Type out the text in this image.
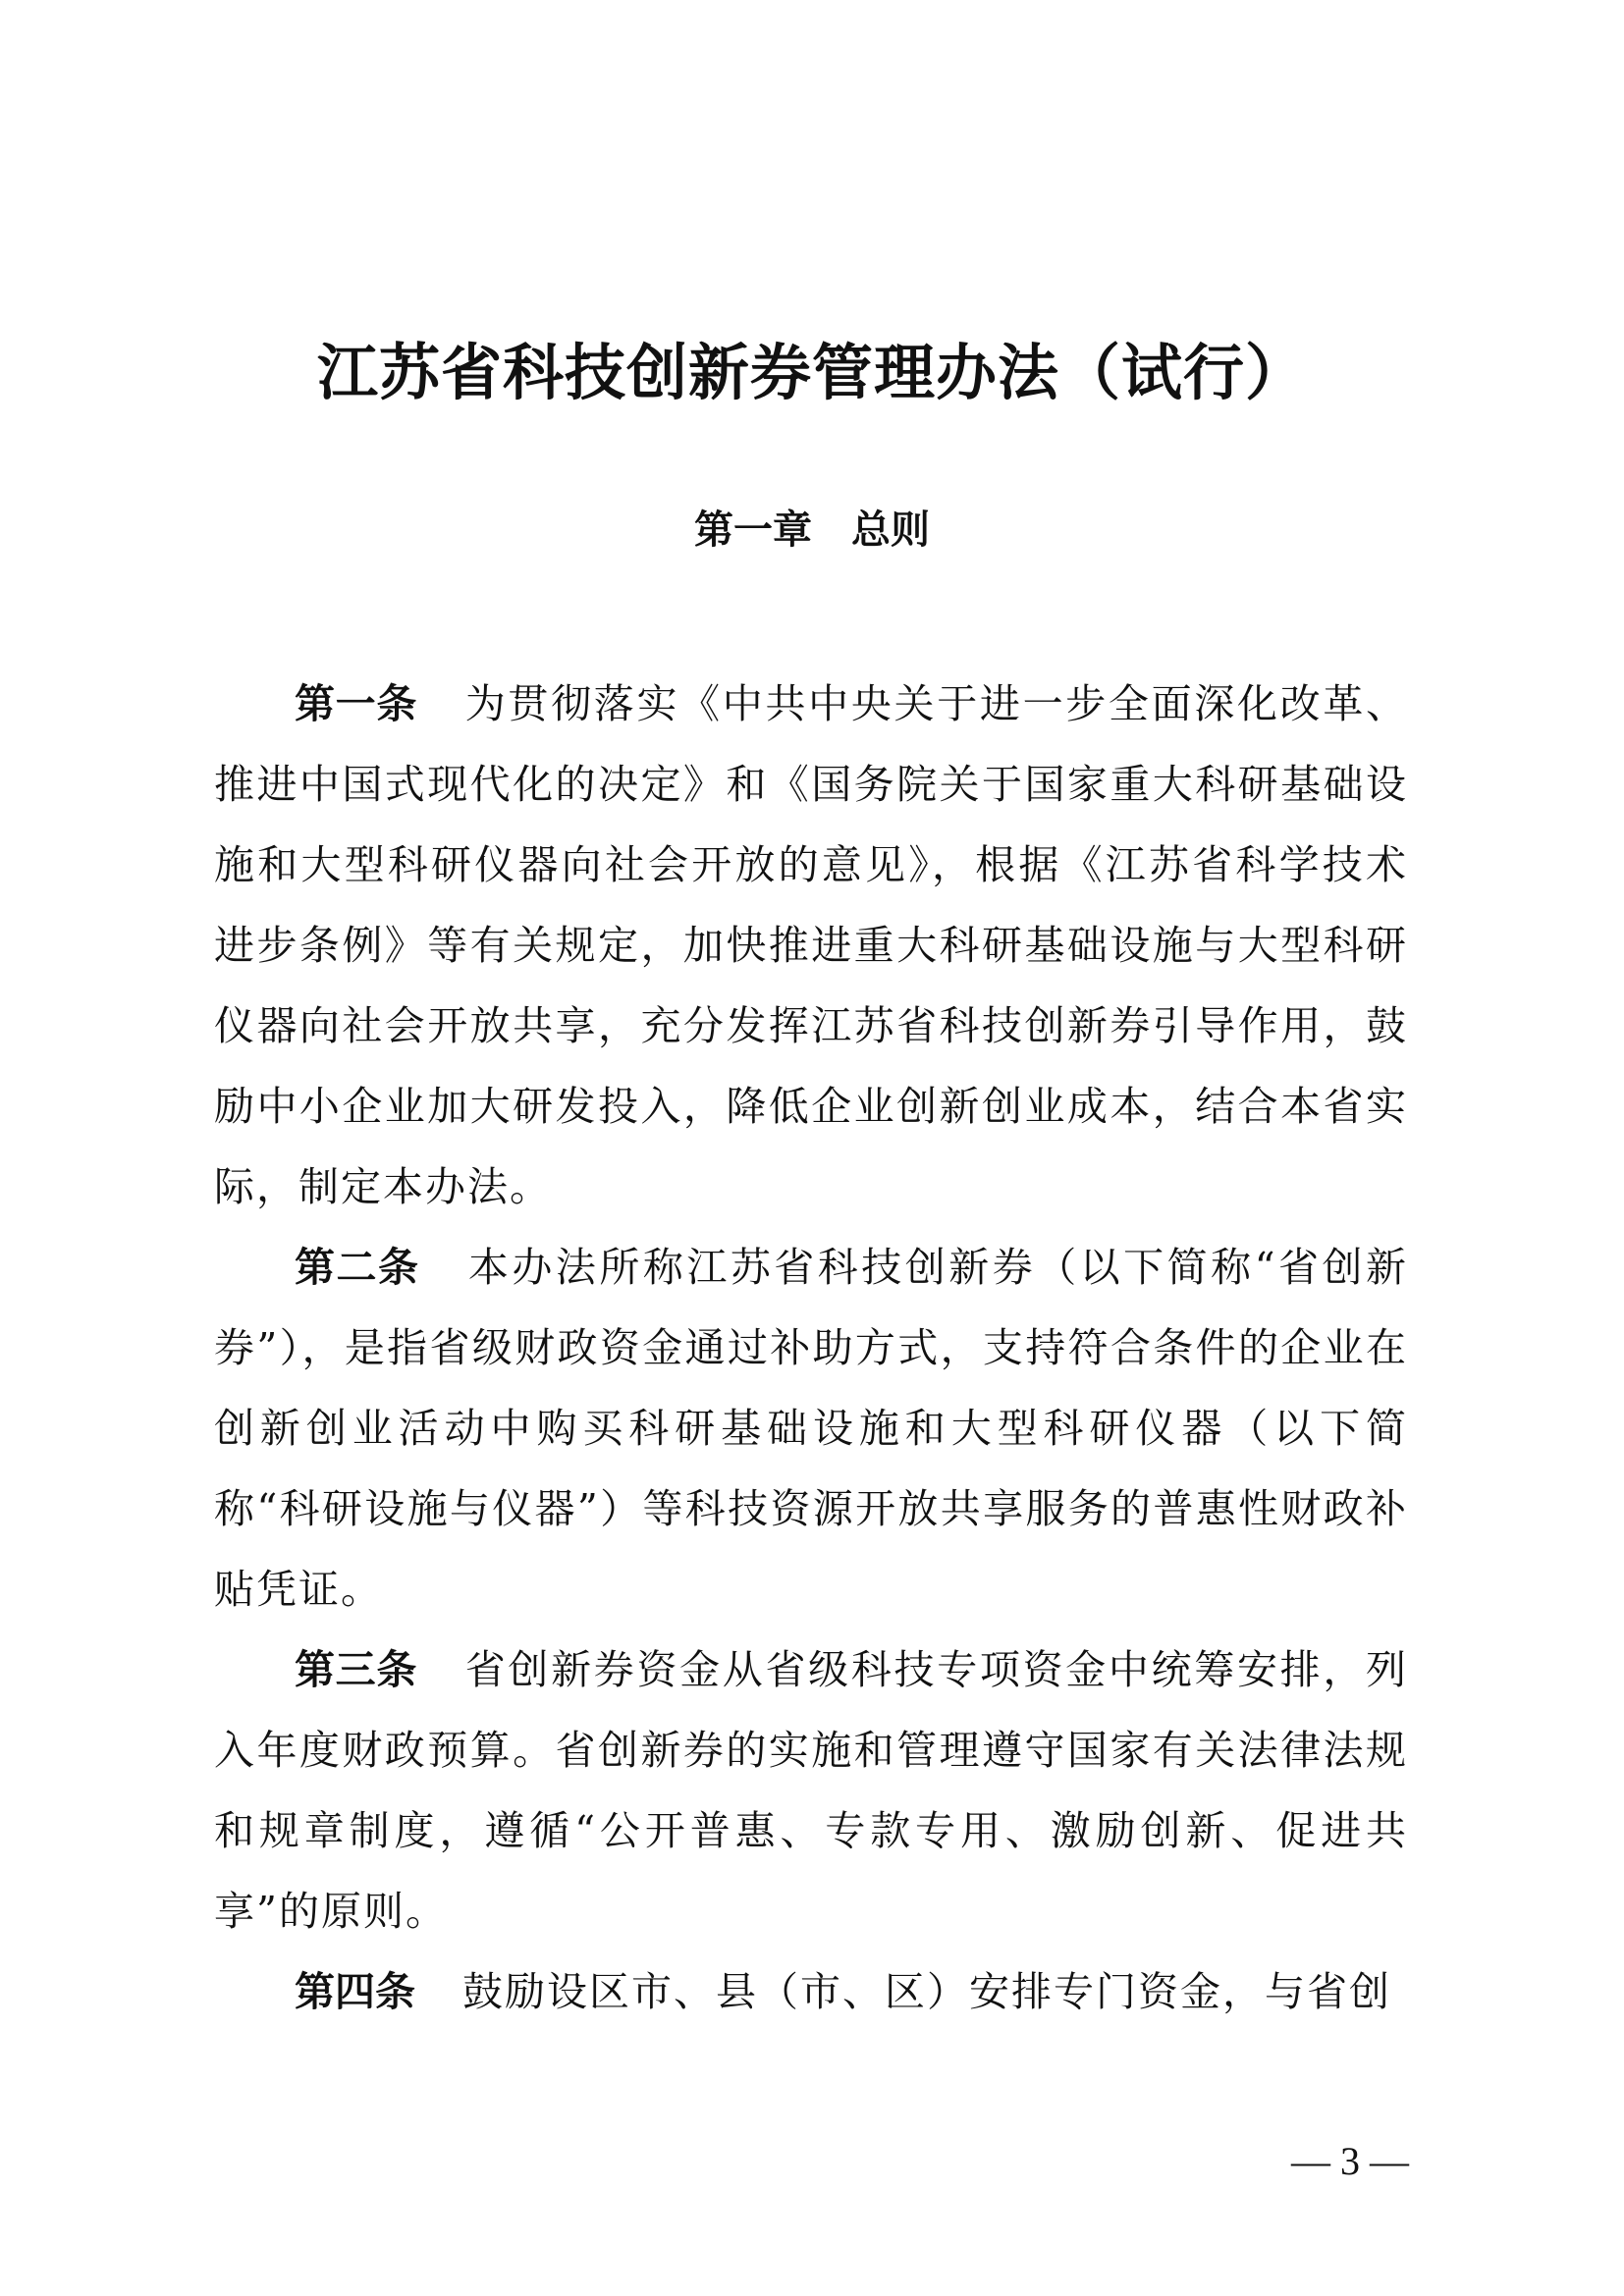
江苏省科技创新券管理办法（试行）
第一章　总则

第一条 为贯彻落实《中共中央关于进一步全面深化改革、推进中国式现代化的决定》和《国务院关于国家重大科研基础设施和大型科研仪器向社会开放的意见》，根据《江苏省科学技术进步条例》等有关规定，加快推进重大科研基础设施与大型科研仪器向社会开放共享，充分发挥江苏省科技创新券引导作用，鼓励中小企业加大研发投入，降低企业创新创业成本，结合本省实际，制定本办法。

第二条 本办法所称江苏省科技创新券（以下简称“省创新券”），是指省级财政资金通过补助方式，支持符合条件的企业在创新创业活动中购买科研基础设施和大型科研仪器（以下简称“科研设施与仪器”）等科技资源开放共享服务的普惠性财政补贴凭证。

第三条 省创新券资金从省级科技专项资金中统筹安排，列入年度财政预算。省创新券的实施和管理遵守国家有关法律法规和规章制度，遵循“公开普惠、专款专用、激励创新、促进共享”的原则。

第四条 鼓励设区市、县（市、区）安排专门资金，与省创

— 3 —
